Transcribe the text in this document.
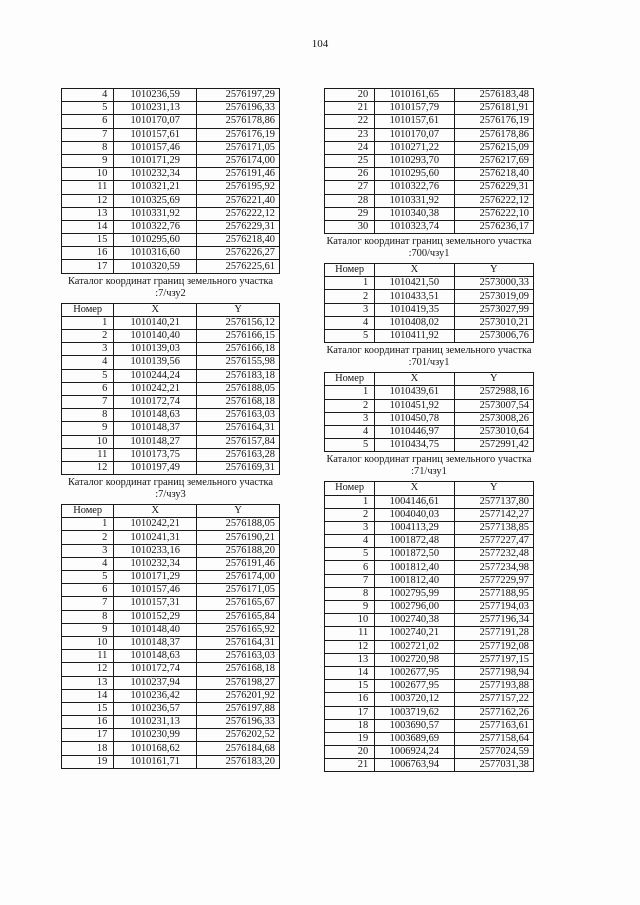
104
4	1010236,59	2576197,29
5	1010231,13	2576196,33
6	1010170,07	2576178,86
7	1010157,61	2576176,19
8	1010157,46	2576171,05
9	1010171,29	2576174,00
10	1010232,34	2576191,46
11	1010321,21	2576195,92
12	1010325,69	2576221,40
13	1010331,92	2576222,12
14	1010322,76	2576229,31
15	1010295,60	2576218,40
16	1010316,60	2576226,27
17	1010320,59	2576225,61
Каталог координат границ земельного участка
:7/чзу2
Номер	X	Y
1	1010140,21	2576156,12
2	1010140,40	2576166,15
3	1010139,03	2576166,18
4	1010139,56	2576155,98
5	1010244,24	2576183,18
6	1010242,21	2576188,05
7	1010172,74	2576168,18
8	1010148,63	2576163,03
9	1010148,37	2576164,31
10	1010148,27	2576157,84
11	1010173,75	2576163,28
12	1010197,49	2576169,31
Каталог координат границ земельного участка
:7/чзу3
Номер	X	Y
1	1010242,21	2576188,05
2	1010241,31	2576190,21
3	1010233,16	2576188,20
4	1010232,34	2576191,46
5	1010171,29	2576174,00
6	1010157,46	2576171,05
7	1010157,31	2576165,67
8	1010152,29	2576165,84
9	1010148,40	2576165,92
10	1010148,37	2576164,31
11	1010148,63	2576163,03
12	1010172,74	2576168,18
13	1010237,94	2576198,27
14	1010236,42	2576201,92
15	1010236,57	2576197,88
16	1010231,13	2576196,33
17	1010230,99	2576202,52
18	1010168,62	2576184,68
19	1010161,71	2576183,20
20	1010161,65	2576183,48
21	1010157,79	2576181,91
22	1010157,61	2576176,19
23	1010170,07	2576178,86
24	1010271,22	2576215,09
25	1010293,70	2576217,69
26	1010295,60	2576218,40
27	1010322,76	2576229,31
28	1010331,92	2576222,12
29	1010340,38	2576222,10
30	1010323,74	2576236,17
Каталог координат границ земельного участка
:700/чзу1
Номер	X	Y
1	1010421,50	2573000,33
2	1010433,51	2573019,09
3	1010419,35	2573027,99
4	1010408,02	2573010,21
5	1010411,92	2573006,76
Каталог координат границ земельного участка
:701/чзу1
Номер	X	Y
1	1010439,61	2572988,16
2	1010451,92	2573007,54
3	1010450,78	2573008,26
4	1010446,97	2573010,64
5	1010434,75	2572991,42
Каталог координат границ земельного участка
:71/чзу1
Номер	X	Y
1	1004146,61	2577137,80
2	1004040,03	2577142,27
3	1004113,29	2577138,85
4	1001872,48	2577227,47
5	1001872,50	2577232,48
6	1001812,40	2577234,98
7	1001812,40	2577229,97
8	1002795,99	2577188,95
9	1002796,00	2577194,03
10	1002740,38	2577196,34
11	1002740,21	2577191,28
12	1002721,02	2577192,08
13	1002720,98	2577197,15
14	1002677,95	2577198,94
15	1002677,95	2577193,88
16	1003720,12	2577157,22
17	1003719,62	2577162,26
18	1003690,57	2577163,61
19	1003689,69	2577158,64
20	1006924,24	2577024,59
21	1006763,94	2577031,38
